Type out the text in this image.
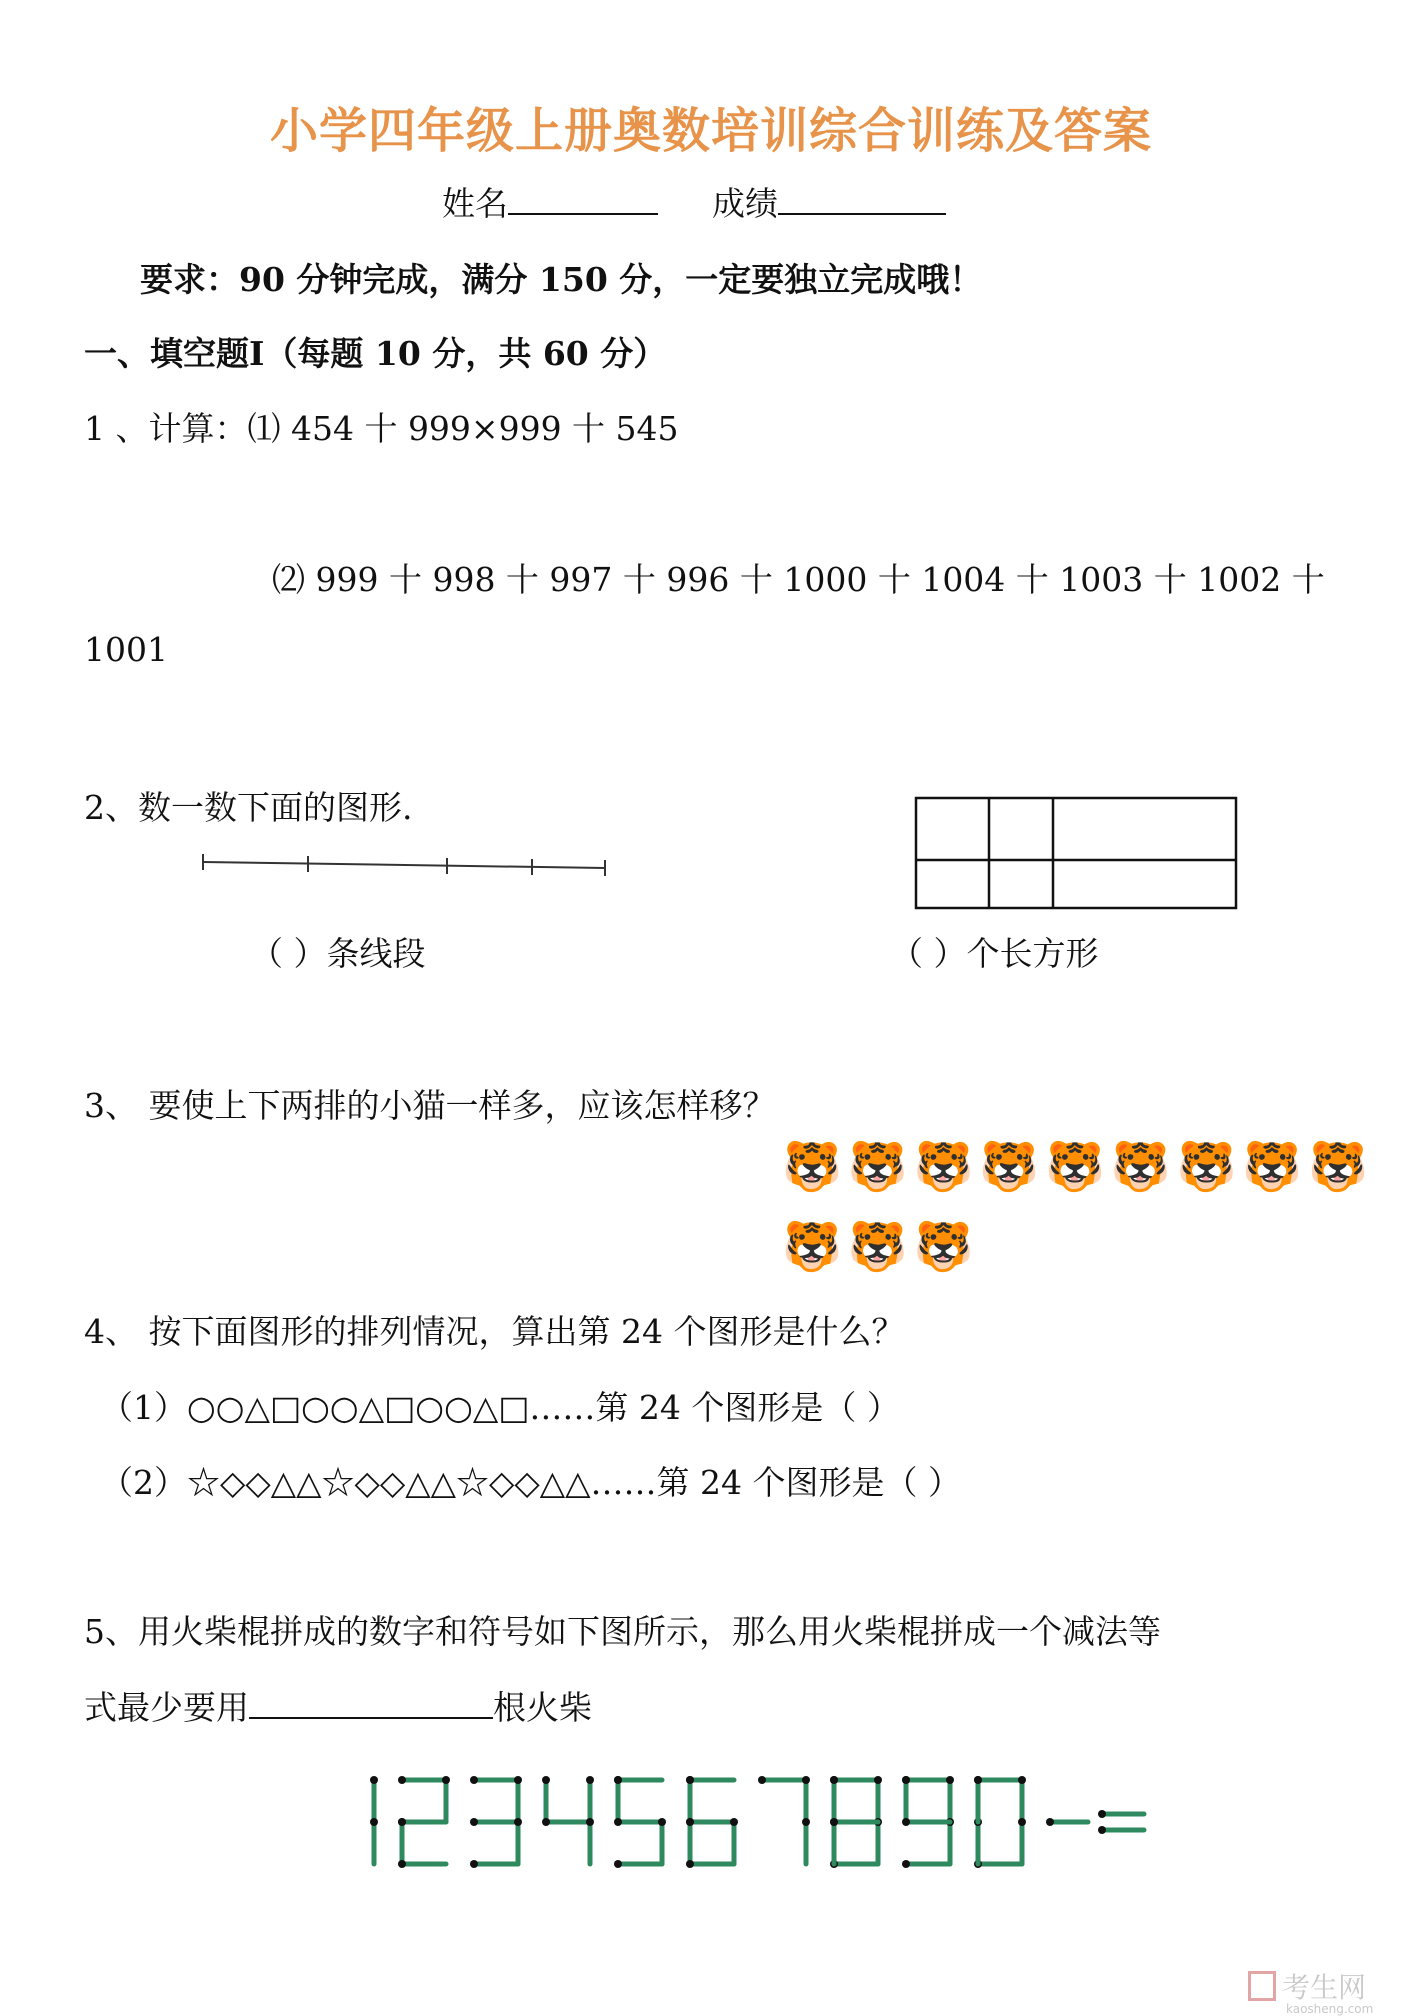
小学四年级上册奥数培训综合训练及答案
姓名	成绩
要求：90 分钟完成，满分 150 分，一定要独立完成哦！
一、填空题Ⅰ（每题 10 分，共 60 分）
1 、计算：⑴ 454 十 999×999 十 545
⑵ 999 十 998 十 997 十 996 十 1000 十 1004 十 1003 十 1002 十
1001
2、数一数下面的图形.
（ ）条线段	（ ）个长方形
3、 要使上下两排的小猫一样多，应该怎样移？
🐯 🐯 🐯 🐯 🐯 🐯 🐯 🐯 🐯
🐯 🐯 🐯
4、 按下面图形的排列情况，算出第 24 个图形是什么？
（1）○○△□○○△□○○△□……第 24 个图形是（ ）
（2）☆◇◇△△☆◇◇△△☆◇◇△△……第 24 个图形是（ ）
5、用火柴棍拼成的数字和符号如下图所示，那么用火柴棍拼成一个减法等
式最少要用	根火柴
考生网
kaosheng.com
